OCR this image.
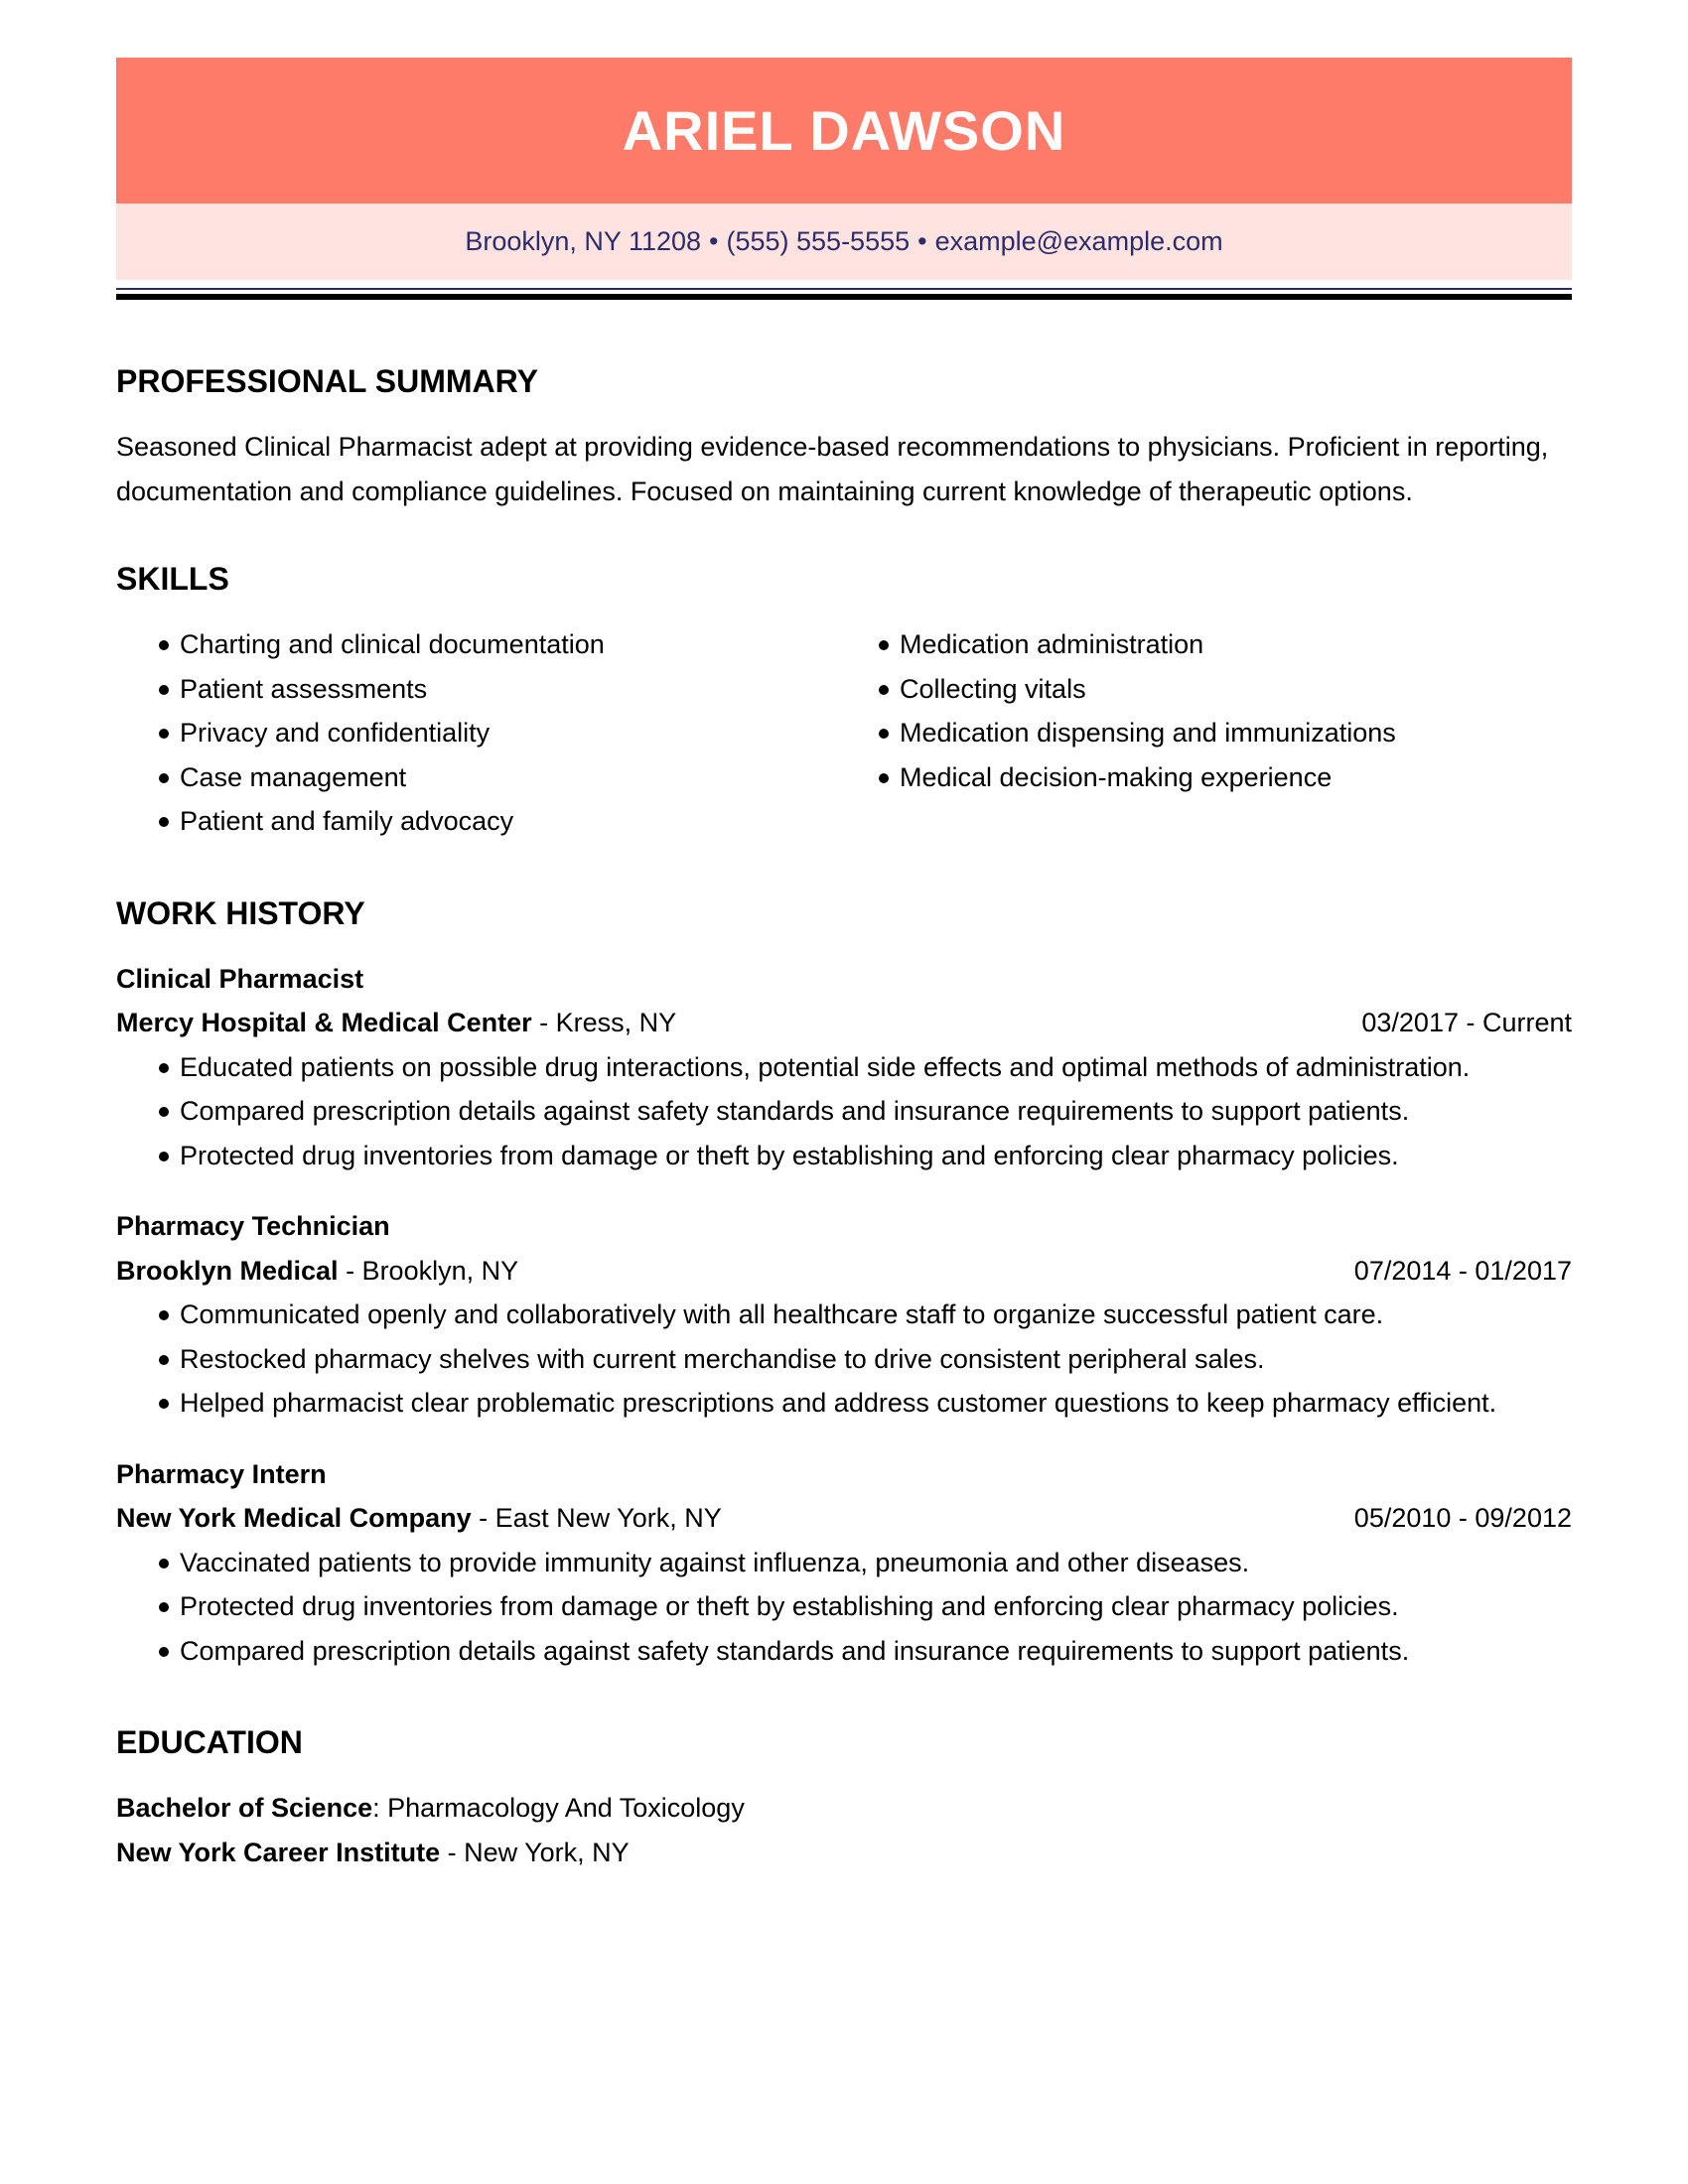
ARIEL DAWSON
Brooklyn, NY 11208 • (555) 555-5555 • example@example.com
PROFESSIONAL SUMMARY

Seasoned Clinical Pharmacist adept at providing evidence-based recommendations to physicians. Proficient in reporting, documentation and compliance guidelines. Focused on maintaining current knowledge of therapeutic options.

SKILLS
Charting and clinical documentation
Patient assessments
Privacy and confidentiality
Case management
Patient and family advocacy
Medication administration
Collecting vitals
Medication dispensing and immunizations
Medical decision-making experience
WORK HISTORY
Clinical Pharmacist
Mercy Hospital & Medical Center - Kress, NY	03/2017 - Current
Educated patients on possible drug interactions, potential side effects and optimal methods of administration.
Compared prescription details against safety standards and insurance requirements to support patients.
Protected drug inventories from damage or theft by establishing and enforcing clear pharmacy policies.
Pharmacy Technician
Brooklyn Medical - Brooklyn, NY	07/2014 - 01/2017
Communicated openly and collaboratively with all healthcare staff to organize successful patient care.
Restocked pharmacy shelves with current merchandise to drive consistent peripheral sales.
Helped pharmacist clear problematic prescriptions and address customer questions to keep pharmacy efficient.
Pharmacy Intern
New York Medical Company - East New York, NY	05/2010 - 09/2012
Vaccinated patients to provide immunity against influenza, pneumonia and other diseases.
Protected drug inventories from damage or theft by establishing and enforcing clear pharmacy policies.
Compared prescription details against safety standards and insurance requirements to support patients.
EDUCATION
Bachelor of Science: Pharmacology And Toxicology
New York Career Institute - New York, NY
